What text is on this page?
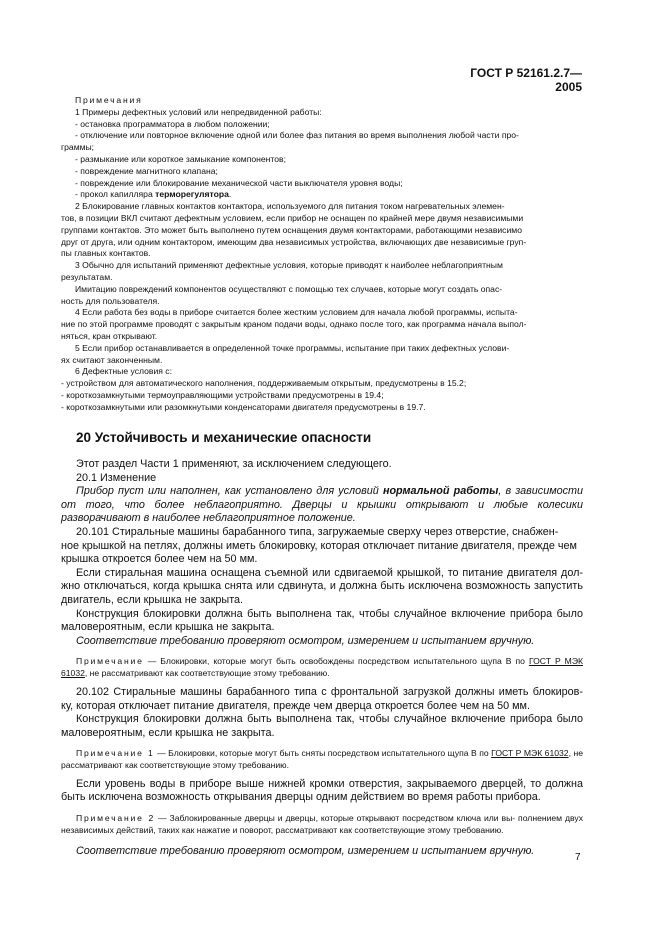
ГОСТ Р 52161.2.7—2005

Примечания

1 Примеры дефектных условий или непредвиденной работы:

- остановка программатора в любом положении;

- отключение или повторное включение одной или более фаз питания во время выполнения любой части про-

граммы;

- размыкание или короткое замыкание компонентов;

- повреждение магнитного клапана;

- повреждение или блокирование механической части выключателя уровня воды;

- прокол капилляра терморегулятора.

2 Блокирование главных контактов контактора, используемого для питания током нагревательных элемен-

тов, в позиции ВКЛ считают дефектным условием, если прибор не оснащен по крайней мере двумя независимыми

группами контактов. Это может быть выполнено путем оснащения двумя контакторами, работающими независимо

друг от друга, или одним контактором, имеющим два независимых устройства, включающих две независимые груп-

пы главных контактов.

3 Обычно для испытаний применяют дефектные условия, которые приводят к наиболее неблагоприятным

результатам.

Имитацию повреждений компонентов осуществляют с помощью тех случаев, которые могут создать опас-

ность для пользователя.

4 Если работа без воды в приборе считается более жестким условием для начала любой программы, испыта-

ние по этой программе проводят с закрытым краном подачи воды, однако после того, как программа начала выпол-

няться, кран открывают.

5 Если прибор останавливается в определенной точке программы, испытание при таких дефектных услови-

ях считают законченным.

6 Дефектные условия с:

- устройством для автоматического наполнения, поддерживаемым открытым, предусмотрены в 15.2;

- короткозамкнутыми термоуправляющими устройствами предусмотрены в 19.4;

- короткозамкнутыми или разомкнутыми конденсаторами двигателя предусмотрены в 19.7.

20 Устойчивость и механические опасности

Этот раздел Части 1 применяют, за исключением следующего.

20.1 Изменение

Прибор пуст или наполнен, как установлено для условий нормальной работы, в зависимости от того, что более неблагоприятно. Дверцы и крышки открывают и любые колесики разворачивают в наиболее неблагоприятное положение.

20.101 Стиральные машины барабанного типа, загружаемые сверху через отверстие, снабжен-

ное крышкой на петлях, должны иметь блокировку, которая отключает питание двигателя, прежде чем

крышка откроется более чем на 50 мм.

Если стиральная машина оснащена съемной или сдвигаемой крышкой, то питание двигателя дол- жно отключаться, когда крышка снята или сдвинута, и должна быть исключена возможность запустить двигатель, если крышка не закрыта.

Конструкция блокировки должна быть выполнена так, чтобы случайное включение прибора было маловероятным, если крышка не закрыта.

Соответствие требованию проверяют осмотром, измерением и испытанием вручную.

Примечание — Блокировки, которые могут быть освобождены посредством испытательного щупа В по ГОСТ Р МЭК 61032, не рассматривают как соответствующие этому требованию.

20.102 Стиральные машины барабанного типа с фронтальной загрузкой должны иметь блокиров- ку, которая отключает питание двигателя, прежде чем дверца откроется более чем на 50 мм.

Конструкция блокировки должна быть выполнена так, чтобы случайное включение прибора было маловероятным, если крышка не закрыта.

Примечание 1 — Блокировки, которые могут быть сняты посредством испытательного щупа В по ГОСТ Р МЭК 61032, не рассматривают как соответствующие этому требованию.

Если уровень воды в приборе выше нижней кромки отверстия, закрываемого дверцей, то должна быть исключена возможность открывания дверцы одним действием во время работы прибора.

Примечание 2 — Заблокированные дверцы и дверцы, которые открывают посредством ключа или вы- полнением двух независимых действий, таких как нажатие и поворот, рассматривают как соответствующие этому требованию.

Соответствие требованию проверяют осмотром, измерением и испытанием вручную.

7
